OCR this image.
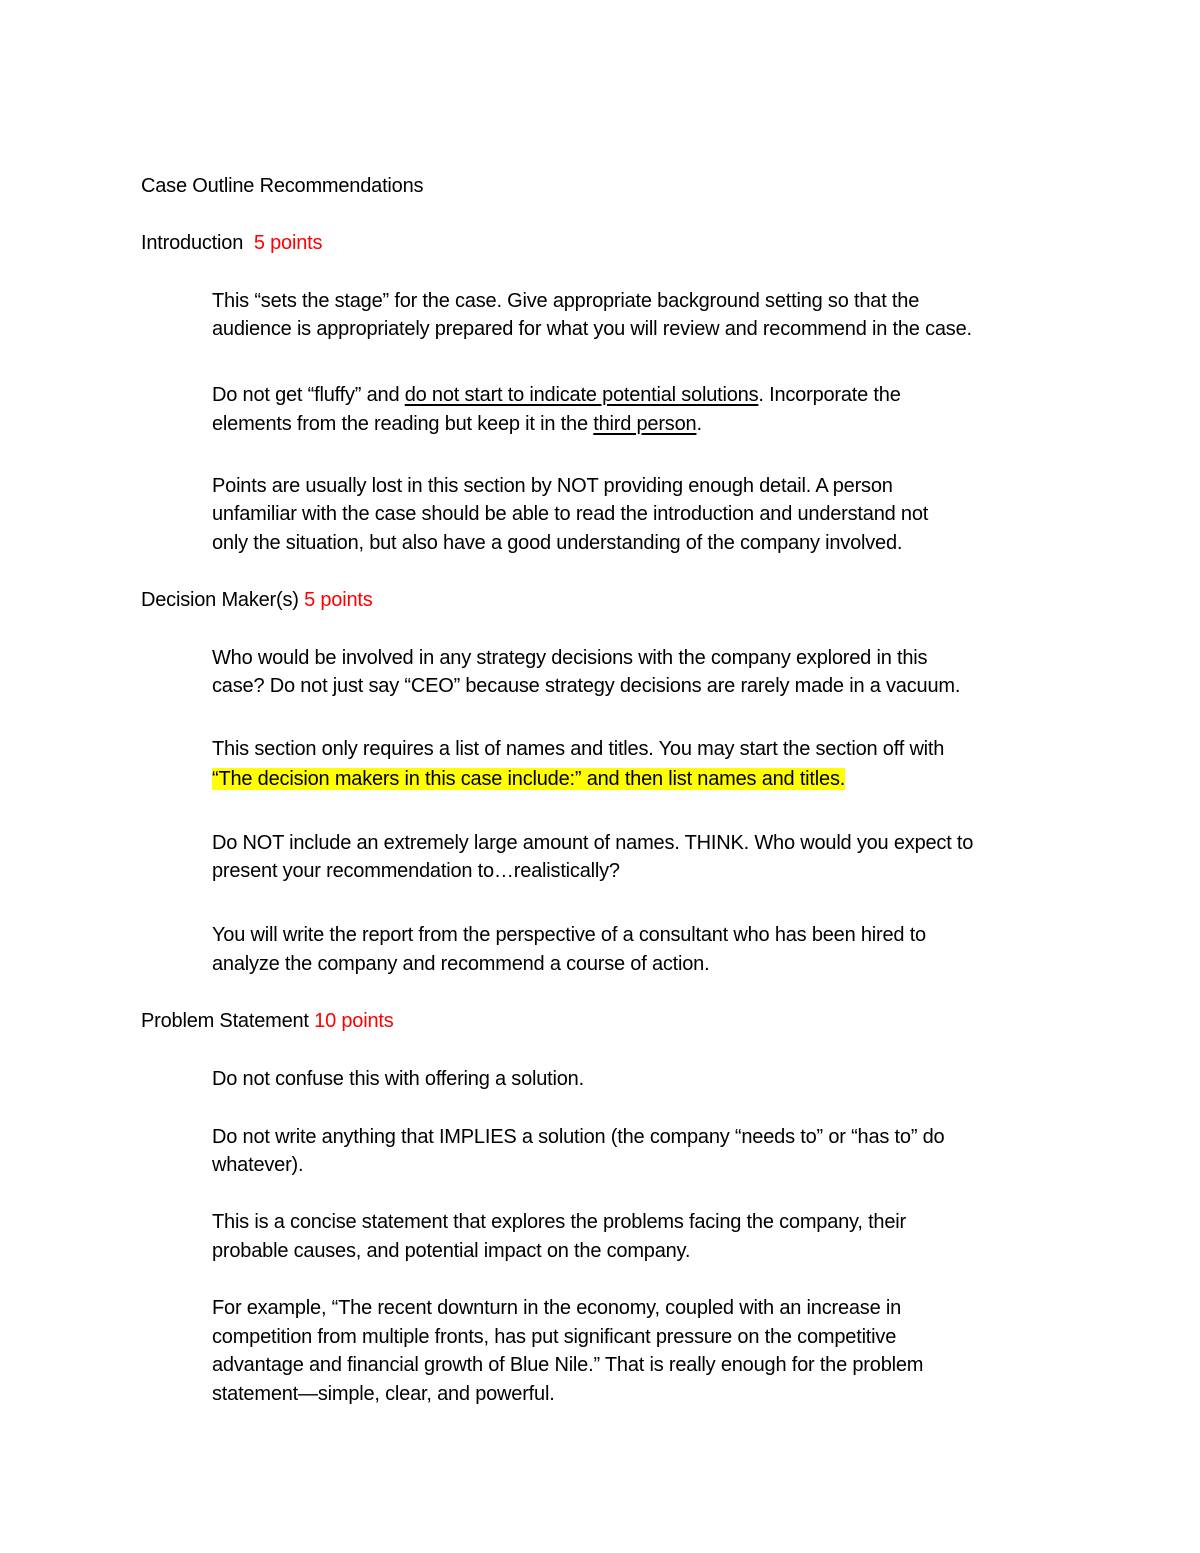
Case Outline Recommendations
Introduction 5 points
This “sets the stage” for the case. Give appropriate background setting so that the
audience is appropriately prepared for what you will review and recommend in the case.
Do not get “fluffy” and do not start to indicate potential solutions. Incorporate the
elements from the reading but keep it in the third person.
Points are usually lost in this section by NOT providing enough detail. A person
unfamiliar with the case should be able to read the introduction and understand not
only the situation, but also have a good understanding of the company involved.
Decision Maker(s) 5 points
Who would be involved in any strategy decisions with the company explored in this
case? Do not just say “CEO” because strategy decisions are rarely made in a vacuum.
This section only requires a list of names and titles. You may start the section off with
“The decision makers in this case include:” and then list names and titles.
Do NOT include an extremely large amount of names. THINK. Who would you expect to
present your recommendation to…realistically?
You will write the report from the perspective of a consultant who has been hired to
analyze the company and recommend a course of action.
Problem Statement 10 points
Do not confuse this with offering a solution.
Do not write anything that IMPLIES a solution (the company “needs to” or “has to” do
whatever).
This is a concise statement that explores the problems facing the company, their
probable causes, and potential impact on the company.
For example, “The recent downturn in the economy, coupled with an increase in
competition from multiple fronts, has put significant pressure on the competitive
advantage and financial growth of Blue Nile.” That is really enough for the problem
statement—simple, clear, and powerful.
